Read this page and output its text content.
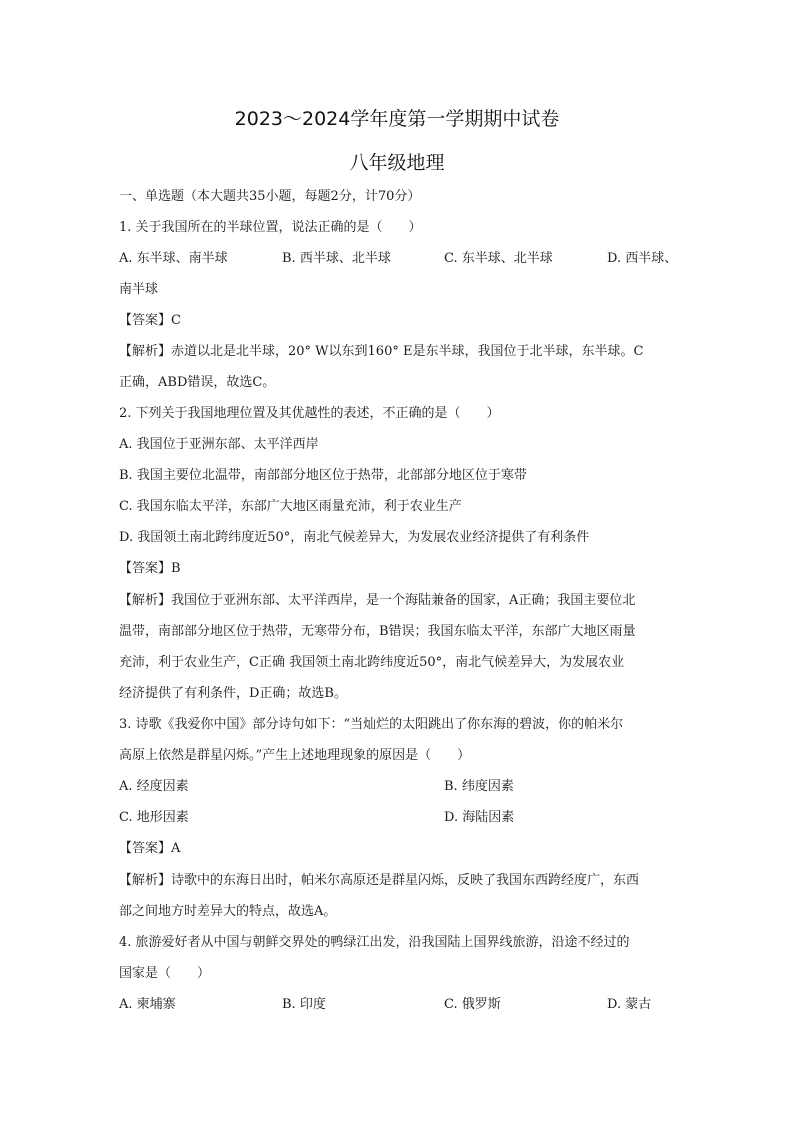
2023～2024学年度第一学期期中试卷
八年级地理
一、单选题（本大题共35小题，每题2分，计70分）
1. 关于我国所在的半球位置，说法正确的是（　　）
A. 东半球、南半球	B. 西半球、北半球	C. 东半球、北半球	D. 西半球、
南半球
【答案】C
【解析】赤道以北是北半球，20° W以东到160° E是东半球，我国位于北半球，东半球。C
正确，ABD错误，故选C。
2. 下列关于我国地理位置及其优越性的表述，不正确的是（　　）
A. 我国位于亚洲东部、太平洋西岸
B. 我国主要位北温带，南部部分地区位于热带，北部部分地区位于寒带
C. 我国东临太平洋，东部广大地区雨量充沛，利于农业生产
D. 我国领土南北跨纬度近50°，南北气候差异大，为发展农业经济提供了有利条件
【答案】B
【解析】我国位于亚洲东部、太平洋西岸，是一个海陆兼备的国家，A正确；我国主要位北
温带，南部部分地区位于热带，无寒带分布，B错误；我国东临太平洋，东部广大地区雨量
充沛，利于农业生产，C正确 我国领土南北跨纬度近50°，南北气候差异大，为发展农业
经济提供了有利条件，D正确；故选B。
3. 诗歌《我爱你中国》部分诗句如下：“当灿烂的太阳跳出了你东海的碧波，你的帕米尔
高原上依然是群星闪烁。”产生上述地理现象的原因是（　　）
A. 经度因素	B. 纬度因素
C. 地形因素	D. 海陆因素
【答案】A
【解析】诗歌中的东海日出时，帕米尔高原还是群星闪烁，反映了我国东西跨经度广，东西
部之间地方时差异大的特点，故选A。
4. 旅游爱好者从中国与朝鲜交界处的鸭绿江出发，沿我国陆上国界线旅游，沿途不经过的
国家是（　　）
A. 柬埔寨	B. 印度	C. 俄罗斯	D. 蒙古
